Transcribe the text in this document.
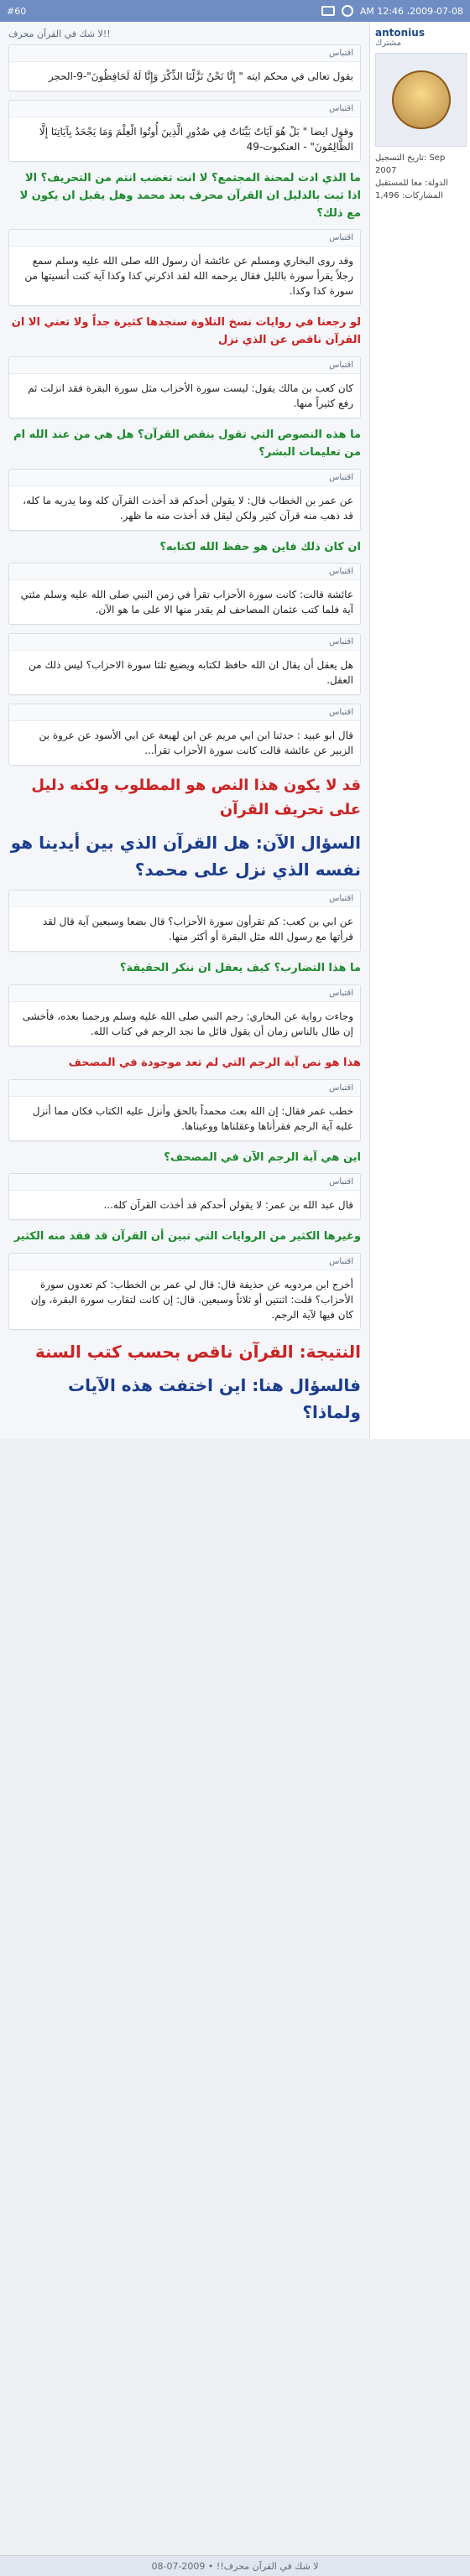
#60	AM 12:46 ،2009-07-08
antonius
مشترك
تاريخ التسجيل: Sep 2007
الدولة: معا للمستقبل
المشاركات: 1,496
لا شك في القرآن محرف!!
اقتباس
بقول تعالى في محكم ايته " إِنَّا نَحْنُ نَزَّلْنَا الذِّكْرَ وَإِنَّا لَهُ لَحَافِظُونَ"-9-الحجر
اقتباس
وقول ايضا " بَلْ هُوَ آيَاتٌ بَيِّنَاتٌ فِي صُدُورِ الَّذِينَ أُوتُوا الْعِلْمَ وَمَا يَجْحَدُ بِآيَاتِنَا إِلَّا الظَّالِمُونَ" - العنكبوت-49
ما الذي ادت لمحنة المجتمع؟ لا انت تغضب انتم من التحريف؟ الا اذا ثبت بالدليل ان القرآن محرف بعد محمد وهل يقبل ان يكون لا مع ذلك؟
اقتباس
وقد روى البخاري ومسلم عن عائشة أن رسول الله صلى الله عليه وسلم سمع رجلاً يقرأ سورة بالليل فقال يرحمه الله لقد اذكرني كذا وكذا آية كنت أنسيتها من سورة كذا وكذا.
لو رجعنا في روايات نسخ التلاوة سنجدها كثيرة جداً ولا تعني الا ان القرآن ناقص عن الذي نزل
اقتباس
كان كعب بن مالك يقول: ليست سورة الأحزاب مثل سورة البقرة فقد انزلت ثم رفع كثيراً منها.
ما هذه النصوص التي تقول بنقص القرآن؟ هل هي من عند الله ام من تعليمات البشر؟
اقتباس
عن عمر بن الخطاب قال: لا يقولن أحدكم قد أخذت القرآن كله وما يدريه ما كله، قد ذهب منه قرآن كثير ولكن ليقل قد أخذت منه ما ظهر.
ان كان ذلك فاين هو حفظ الله لكتابه؟
اقتباس
عائشة قالت: كانت سورة الأحزاب تقرأ في زمن النبي صلى الله عليه وسلم مئتي آية فلما كتب عثمان المصاحف لم يقدر منها الا على ما هو الآن.
اقتباس
هل يعقل أن يقال ان الله حافظ لكتابه ويضيع ثلثا سورة الاحزاب؟ ليس ذلك من العقل.
اقتباس
قال ابو عبيد : حدثنا ابن ابي مريم عن ابن لهيعة عن ابي الأسود عن عروة بن الزبير عن عائشة قالت كانت سورة الأحزاب تقرأ...
قد لا يكون هذا النص هو المطلوب ولكنه دليل على تحريف القرآن
السؤال الآن: هل القرآن الذي بين أيدينا هو نفسه الذي نزل على محمد؟
اقتباس
عن ابي بن كعب: كم تقرأون سورة الأحزاب؟ قال بضعا وسبعين آية قال لقد قرأتها مع رسول الله مثل البقرة أو أكثر منها.
ما هذا التضارب؟ كيف يعقل ان ننكر الحقيقة؟
اقتباس
وجاءت رواية عن البخاري: رجم النبي صلى الله عليه وسلم ورجمنا بعده، فأخشى إن طال بالناس زمان أن يقول قائل ما نجد الرجم في كتاب الله.
هذا هو نص آية الرجم التي لم تعد موجودة في المصحف
اقتباس
خطب عمر فقال: إن الله بعث محمداً بالحق وأنزل عليه الكتاب فكان مما أنزل عليه آية الرجم فقرأناها وعقلناها ووعيناها.
اين هي آية الرجم الآن في المصحف؟
اقتباس
قال عبد الله بن عمر: لا يقولن أحدكم قد أخذت القرآن كله...
وغيرها الكثير من الروايات التي تبين أن القرآن قد فقد منه الكثير
اقتباس
أخرج ابن مردويه عن حذيفة قال: قال لي عمر بن الخطاب: كم تعدون سورة الأحزاب؟ قلت: اثنتين أو ثلاثاً وسبعين. قال: إن كانت لتقارب سورة البقرة، وإن كان فيها لآية الرجم.
النتيجة: القرآن ناقص بحسب كتب السنة
فالسؤال هنا: اين اختفت هذه الآيات ولماذا؟
لا شك في القرآن محرف!! • 2009-07-08
